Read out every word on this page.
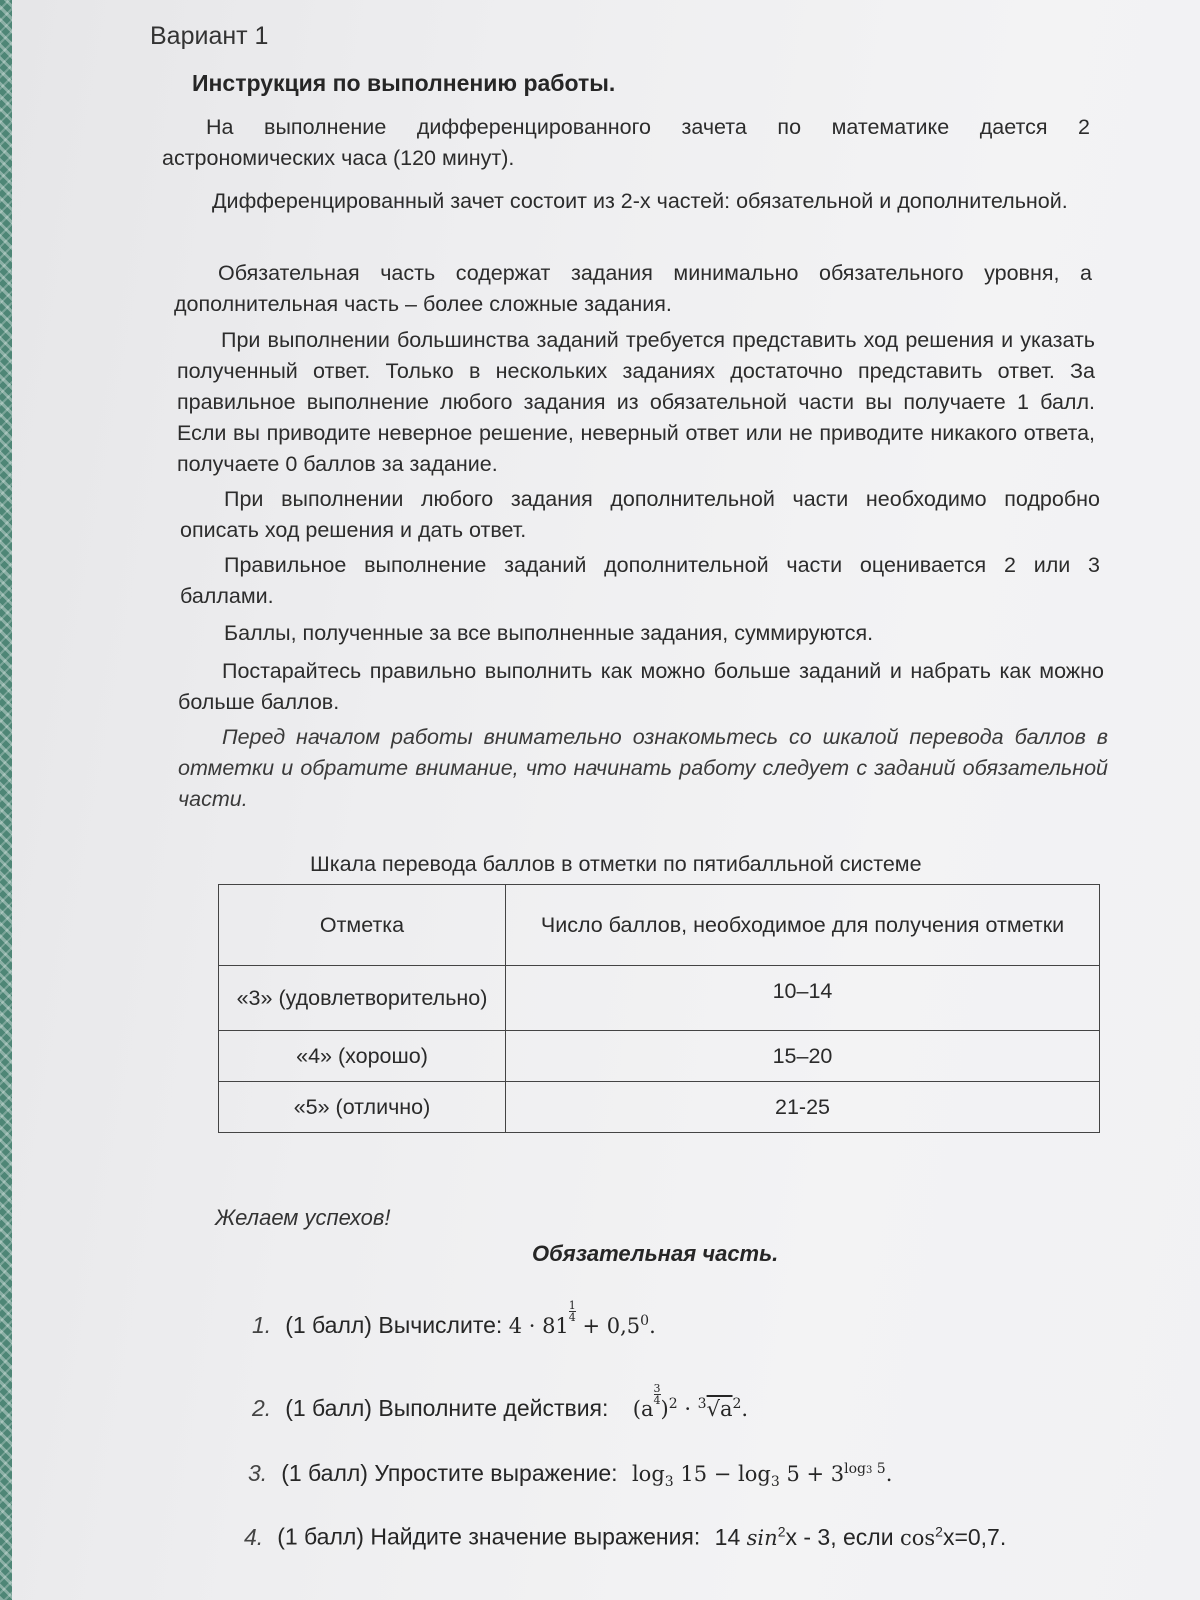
Вариант 1
Инструкция по выполнению работы.

На выполнение дифференцированного зачета по математике дается 2 астрономических часа (120 минут).

Дифференцированный зачет состоит из 2-х частей: обязательной и дополнительной.

Обязательная часть содержат задания минимально обязательного уровня, а дополнительная часть – более сложные задания.

При выполнении большинства заданий требуется представить ход решения и указать полученный ответ. Только в нескольких заданиях достаточно представить ответ. За правильное выполнение любого задания из обязательной части вы получаете 1 балл. Если вы приводите неверное решение, неверный ответ или не приводите никакого ответа, получаете 0 баллов за задание.

При выполнении любого задания дополнительной части необходимо подробно описать ход решения и дать ответ.

Правильное выполнение заданий дополнительной части оценивается 2 или 3 баллами.

Баллы, полученные за все выполненные задания, суммируются.

Постарайтесь правильно выполнить как можно больше заданий и набрать как можно больше баллов.

Перед началом работы внимательно ознакомьтесь со шкалой перевода баллов в отметки и обратите внимание, что начинать работу следует с заданий обязательной части.

Шкала перевода баллов в отметки по пятибалльной системе
Отметка	Число баллов, необходимое для получения отметки
«3» (удовлетворительно)	10–14
«4» (хорошо)	15–20
«5» (отлично)	21-25
Желаем успехов!
Обязательная часть.
1. (1 балл) Вычислите: 4 · 81
$\frac{1}{4}$
+ $0,5^0$.
2. (1 балл) Выполните действия: (a
$\frac{3}{4}$
)$^2 \cdot ^3√a^2$.
3. (1 балл) Упростите выражение: $\log_3 15 - \log_3 5 + 3^{log3 5}$.
4. (1 балл) Найдите значение выражения: 14 $\sin^2x - 3$, если $\cos^2x=0,7$.
